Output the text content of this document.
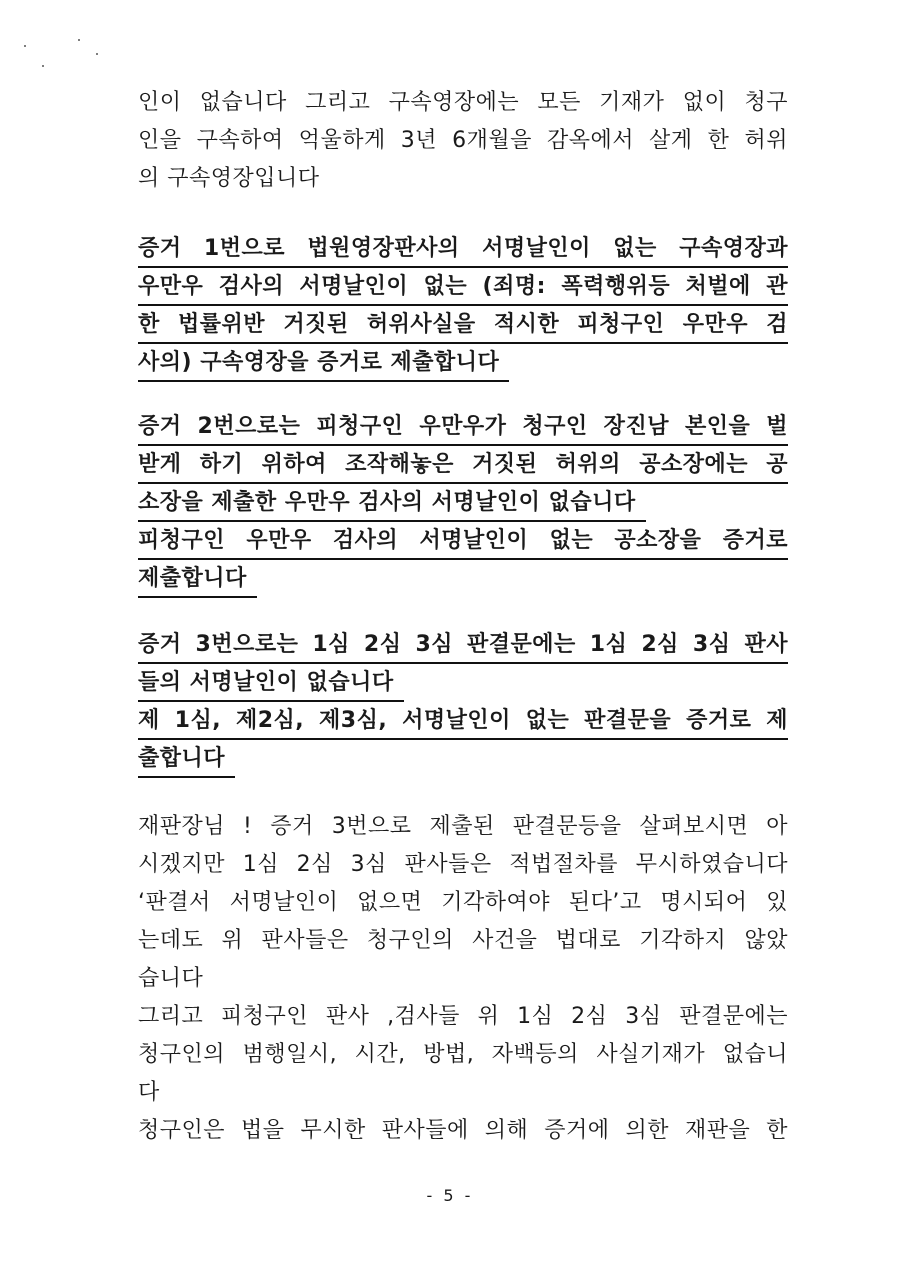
인이 없습니다 그리고 구속영장에는 모든 기재가 없이 청구
인을 구속하여 억울하게 3년 6개월을 감옥에서 살게 한 허위
의 구속영장입니다
증거 1번으로 법원영장판사의 서명날인이 없는 구속영장과
우만우 검사의 서명날인이 없는 (죄명: 폭력행위등 처벌에 관
한 법률위반 거짓된 허위사실을 적시한 피청구인 우만우 검
사의) 구속영장을 증거로 제출합니다
증거 2번으로는 피청구인 우만우가 청구인 장진남 본인을 벌
받게 하기 위하여 조작해놓은 거짓된 허위의 공소장에는 공
소장을 제출한 우만우 검사의 서명날인이 없습니다
피청구인 우만우 검사의 서명날인이 없는 공소장을 증거로
제출합니다
증거 3번으로는 1심 2심 3심 판결문에는 1심 2심 3심 판사
들의 서명날인이 없습니다
제 1심, 제2심, 제3심, 서명날인이 없는 판결문을 증거로 제
출합니다
재판장님 ! 증거 3번으로 제출된 판결문등을 살펴보시면 아
시겠지만 1심 2심 3심 판사들은 적법절차를 무시하였습니다
‘판결서 서명날인이 없으면 기각하여야 된다’고 명시되어 있
는데도 위 판사들은 청구인의 사건을 법대로 기각하지 않았
습니다
그리고 피청구인 판사 ,검사들 위 1심 2심 3심 판결문에는
청구인의 범행일시, 시간, 방법, 자백등의 사실기재가 없습니
다
청구인은 법을 무시한 판사들에 의해 증거에 의한 재판을 한
- 5 -
